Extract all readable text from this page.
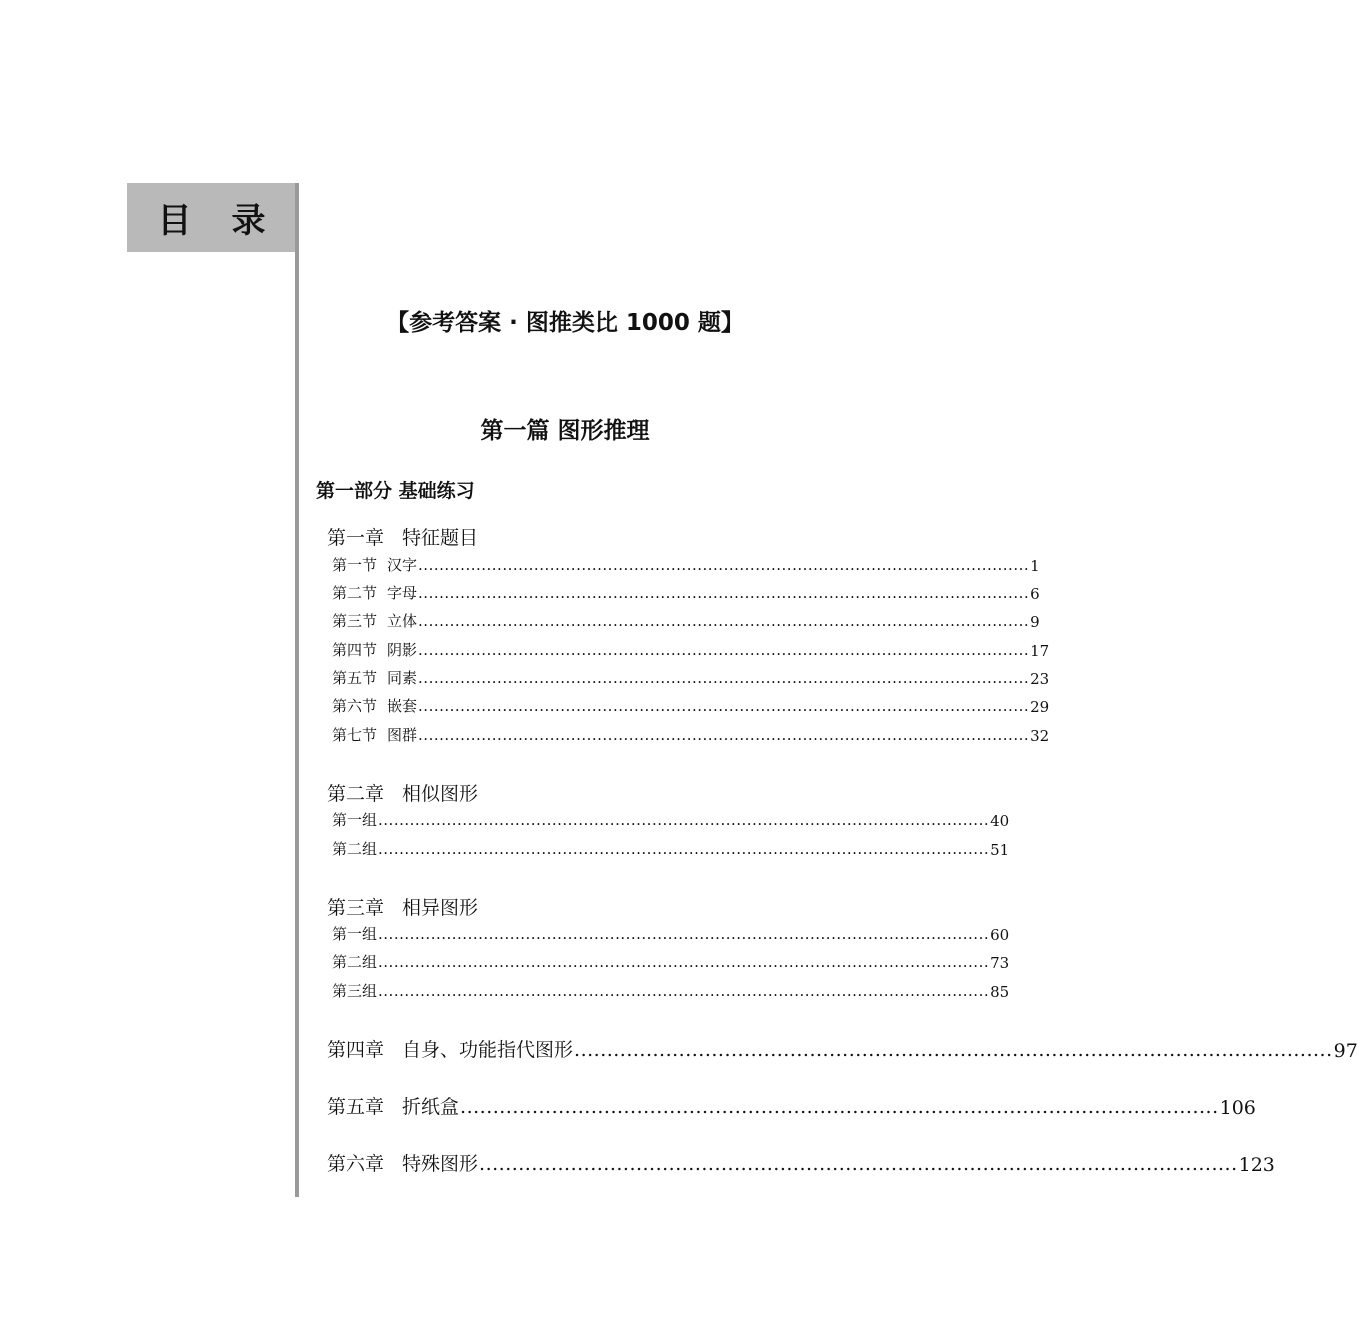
目 录
【参考答案 · 图推类比 1000 题】
第一篇 图形推理
第一部分 基础练习
第一章 特征题目
第一节 汉字 .................................................................................................................... 1
第二节 字母 .................................................................................................................... 6
第三节 立体 .................................................................................................................... 9
第四节 阴影 .................................................................................................................... 17
第五节 同素 .................................................................................................................... 23
第六节 嵌套 .................................................................................................................... 29
第七节 图群 .................................................................................................................... 32
第二章 相似图形
第一组 .................................................................................................................... 40
第二组 .................................................................................................................... 51
第三章 相异图形
第一组 .................................................................................................................... 60
第二组 .................................................................................................................... 73
第三组 .................................................................................................................... 85
第四章 自身、功能指代图形 .................................................................................................................... 97
第五章 折纸盒 .................................................................................................................... 106
第六章 特殊图形 .................................................................................................................... 123
